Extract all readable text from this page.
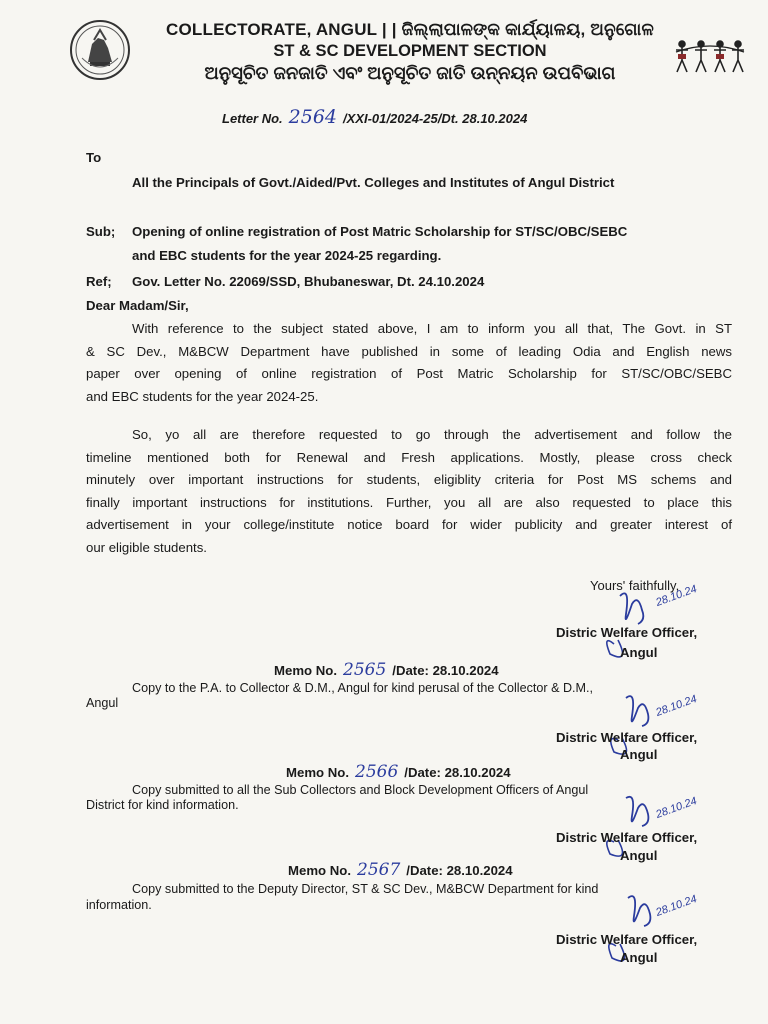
COLLECTORATE, ANGUL | | ଜିଲ୍ଲାପାଳଙ୍କ କାର୍ଯ୍ୟାଳୟ, ଅନୁଗୋଳ
ST & SC DEVELOPMENT SECTION
ଅନୁସୂଚିତ ଜନଜାତି ଏବଂ ଅନୁସୂଚିତ ଜାତି ଉନ୍ନୟନ ଉପବିଭାଗ
Letter No. 2564 /XXI-01/2024-25/Dt. 28.10.2024
To
All the Principals of Govt./Aided/Pvt. Colleges and Institutes of Angul District
Sub; Opening of online registration of Post Matric Scholarship for ST/SC/OBC/SEBC
and EBC students for the year 2024-25 regarding.
Ref; Gov. Letter No. 22069/SSD, Bhubaneswar, Dt. 24.10.2024
Dear Madam/Sir,
With reference to the subject stated above, I am to inform you all that, The Govt. in ST
& SC Dev., M&BCW Department have published in some of leading Odia and English news
paper over opening of online registration of Post Matric Scholarship for ST/SC/OBC/SEBC
and EBC students for the year 2024-25.
So, yo all are therefore requested to go through the advertisement and follow the
timeline mentioned both for Renewal and Fresh applications. Mostly, please cross check
minutely over important instructions for students, eligiblity criteria for Post MS schems and
finally important instructions for institutions. Further, you all are also requested to place this
advertisement in your college/institute notice board for wider publicity and greater interest of
our eligible students.
Yours' faithfully,
28.10.24
Distric Welfare Officer,
Angul
Memo No. 2565 /Date: 28.10.2024
Copy to the P.A. to Collector & D.M., Angul for kind perusal of the Collector & D.M.,
Angul	28.10.24
Distric Welfare Officer,
Angul
Memo No. 2566 /Date: 28.10.2024
Copy submitted to all the Sub Collectors and Block Development Officers of Angul
District for kind information.	28.10.24
Distric Welfare Officer,
Angul
Memo No. 2567 /Date: 28.10.2024
Copy submitted to the Deputy Director, ST & SC Dev., M&BCW Department for kind
information.	28.10.24
Distric Welfare Officer,
Angul
